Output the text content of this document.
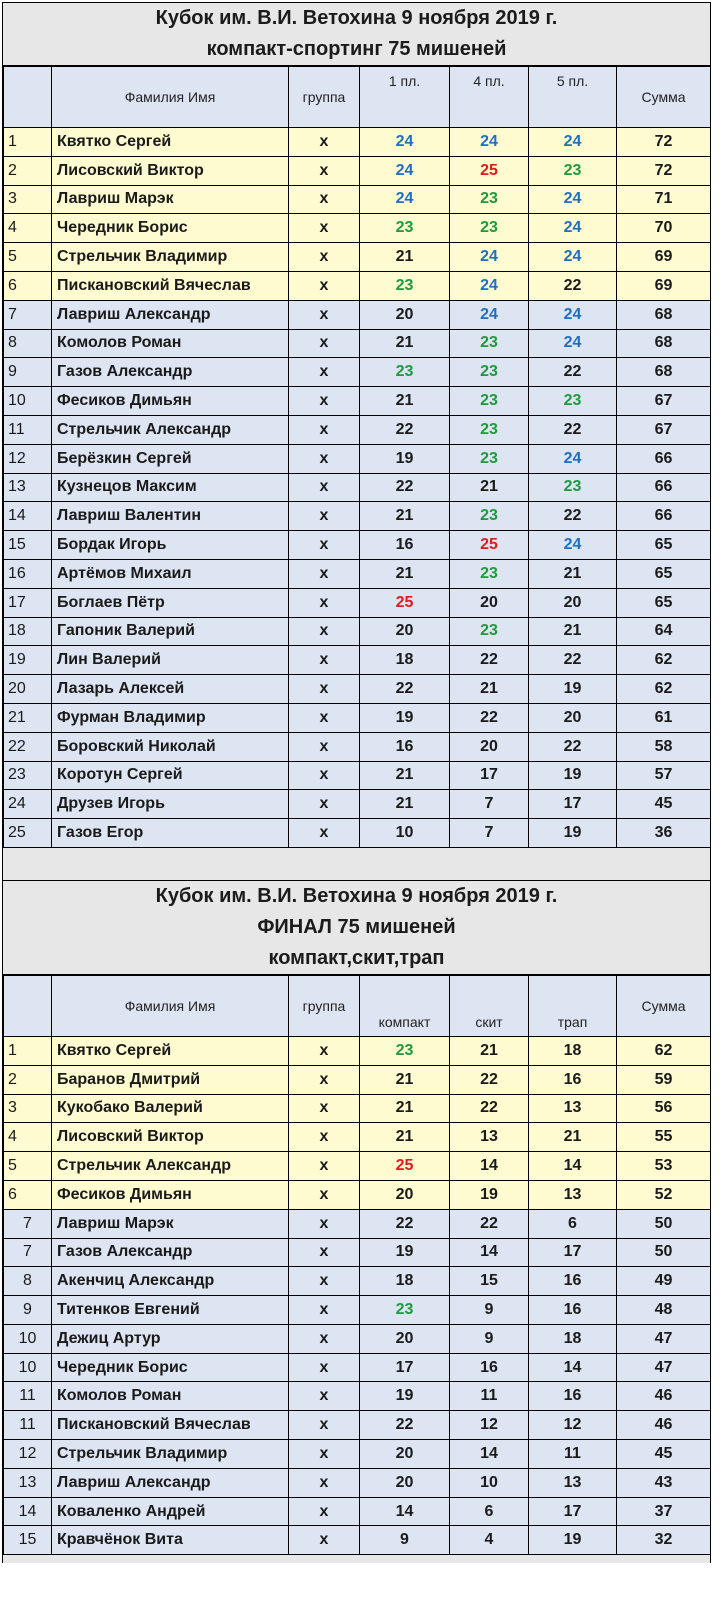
Кубок им. В.И. Ветохина 9 ноября 2019 г.
компакт-спортинг 75 мишеней
	Фамилия Имя	группа	1 пл.	4 пл.	5 пл.	Сумма
1	Квятко Сергей	х	24	24	24	72
2	Лисовский Виктор	х	24	25	23	72
3	Лавриш Марэк	х	24	23	24	71
4	Чередник Борис	х	23	23	24	70
5	Стрельчик Владимир	х	21	24	24	69
6	Пискановский Вячеслав	х	23	24	22	69
7	Лавриш Александр	х	20	24	24	68
8	Комолов Роман	х	21	23	24	68
9	Газов Александр	х	23	23	22	68
10	Фесиков Димьян	х	21	23	23	67
11	Стрельчик Александр	х	22	23	22	67
12	Берёзкин Сергей	х	19	23	24	66
13	Кузнецов Максим	х	22	21	23	66
14	Лавриш Валентин	х	21	23	22	66
15	Бордак Игорь	х	16	25	24	65
16	Артёмов Михаил	х	21	23	21	65
17	Боглаев Пётр	х	25	20	20	65
18	Гапоник Валерий	х	20	23	21	64
19	Лин Валерий	х	18	22	22	62
20	Лазарь Алексей	х	22	21	19	62
21	Фурман Владимир	х	19	22	20	61
22	Боровский Николай	х	16	20	22	58
23	Коротун Сергей	х	21	17	19	57
24	Друзев Игорь	х	21	7	17	45
25	Газов Егор	х	10	7	19	36
Кубок им. В.И. Ветохина 9 ноября 2019 г.
ФИНАЛ 75 мишеней
компакт,скит,трап
	Фамилия Имя	группа	компакт	скит	трап	Сумма
1	Квятко Сергей	х	23	21	18	62
2	Баранов Дмитрий	х	21	22	16	59
3	Кукобако Валерий	х	21	22	13	56
4	Лисовский Виктор	х	21	13	21	55
5	Стрельчик Александр	х	25	14	14	53
6	Фесиков Димьян	х	20	19	13	52
7	Лавриш Марэк	х	22	22	6	50
7	Газов Александр	х	19	14	17	50
8	Акенчиц Александр	х	18	15	16	49
9	Титенков Евгений	х	23	9	16	48
10	Дежиц Артур	х	20	9	18	47
10	Чередник Борис	х	17	16	14	47
11	Комолов Роман	х	19	11	16	46
11	Пискановский Вячеслав	х	22	12	12	46
12	Стрельчик Владимир	х	20	14	11	45
13	Лавриш Александр	х	20	10	13	43
14	Коваленко Андрей	х	14	6	17	37
15	Кравчёнок Вита	х	9	4	19	32
